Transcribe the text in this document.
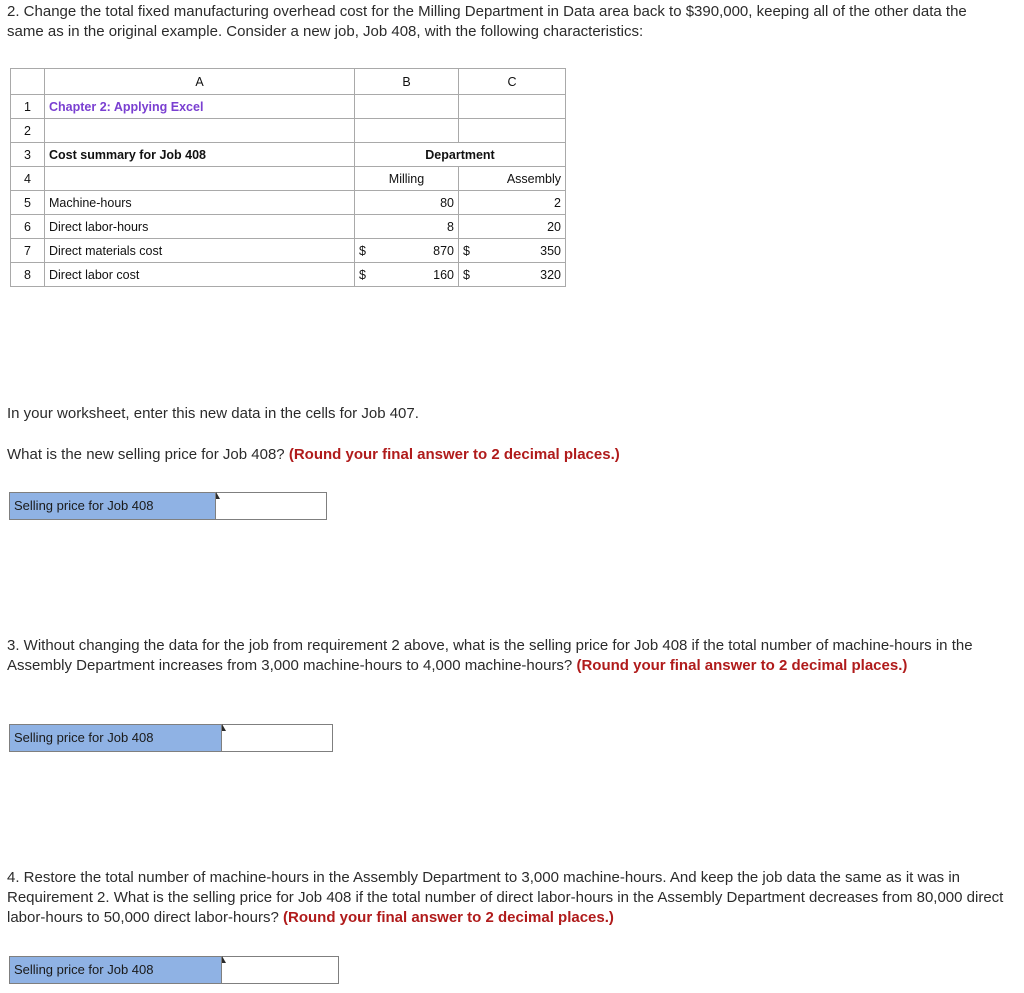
2. Change the total fixed manufacturing overhead cost for the Milling Department in Data area back to $390,000, keeping all of the other data the same as in the original example. Consider a new job, Job 408, with the following characteristics:

	A	B	C
1	Chapter 2: Applying Excel		
2			
3	Cost summary for Job 408	Department	
4		Milling	Assembly
5	Machine-hours	80	2

6	Direct labor-hours	8	20

7	Direct materials cost	$ 870	$ 350

8	Direct labor cost	$ 160	$ 320

In your worksheet, enter this new data in the cells for Job 407.

What is the new selling price for Job 408? (Round your final answer to 2 decimal places.)

Selling price for Job 408

3. Without changing the data for the job from requirement 2 above, what is the selling price for Job 408 if the total number of machine-hours in the Assembly Department increases from 3,000 machine-hours to 4,000 machine-hours? (Round your final answer to 2 decimal places.)

Selling price for Job 408

4. Restore the total number of machine-hours in the Assembly Department to 3,000 machine-hours. And keep the job data the same as it was in Requirement 2. What is the selling price for Job 408 if the total number of direct labor-hours in the Assembly Department decreases from 80,000 direct labor-hours to 50,000 direct labor-hours? (Round your final answer to 2 decimal places.)

Selling price for Job 408
